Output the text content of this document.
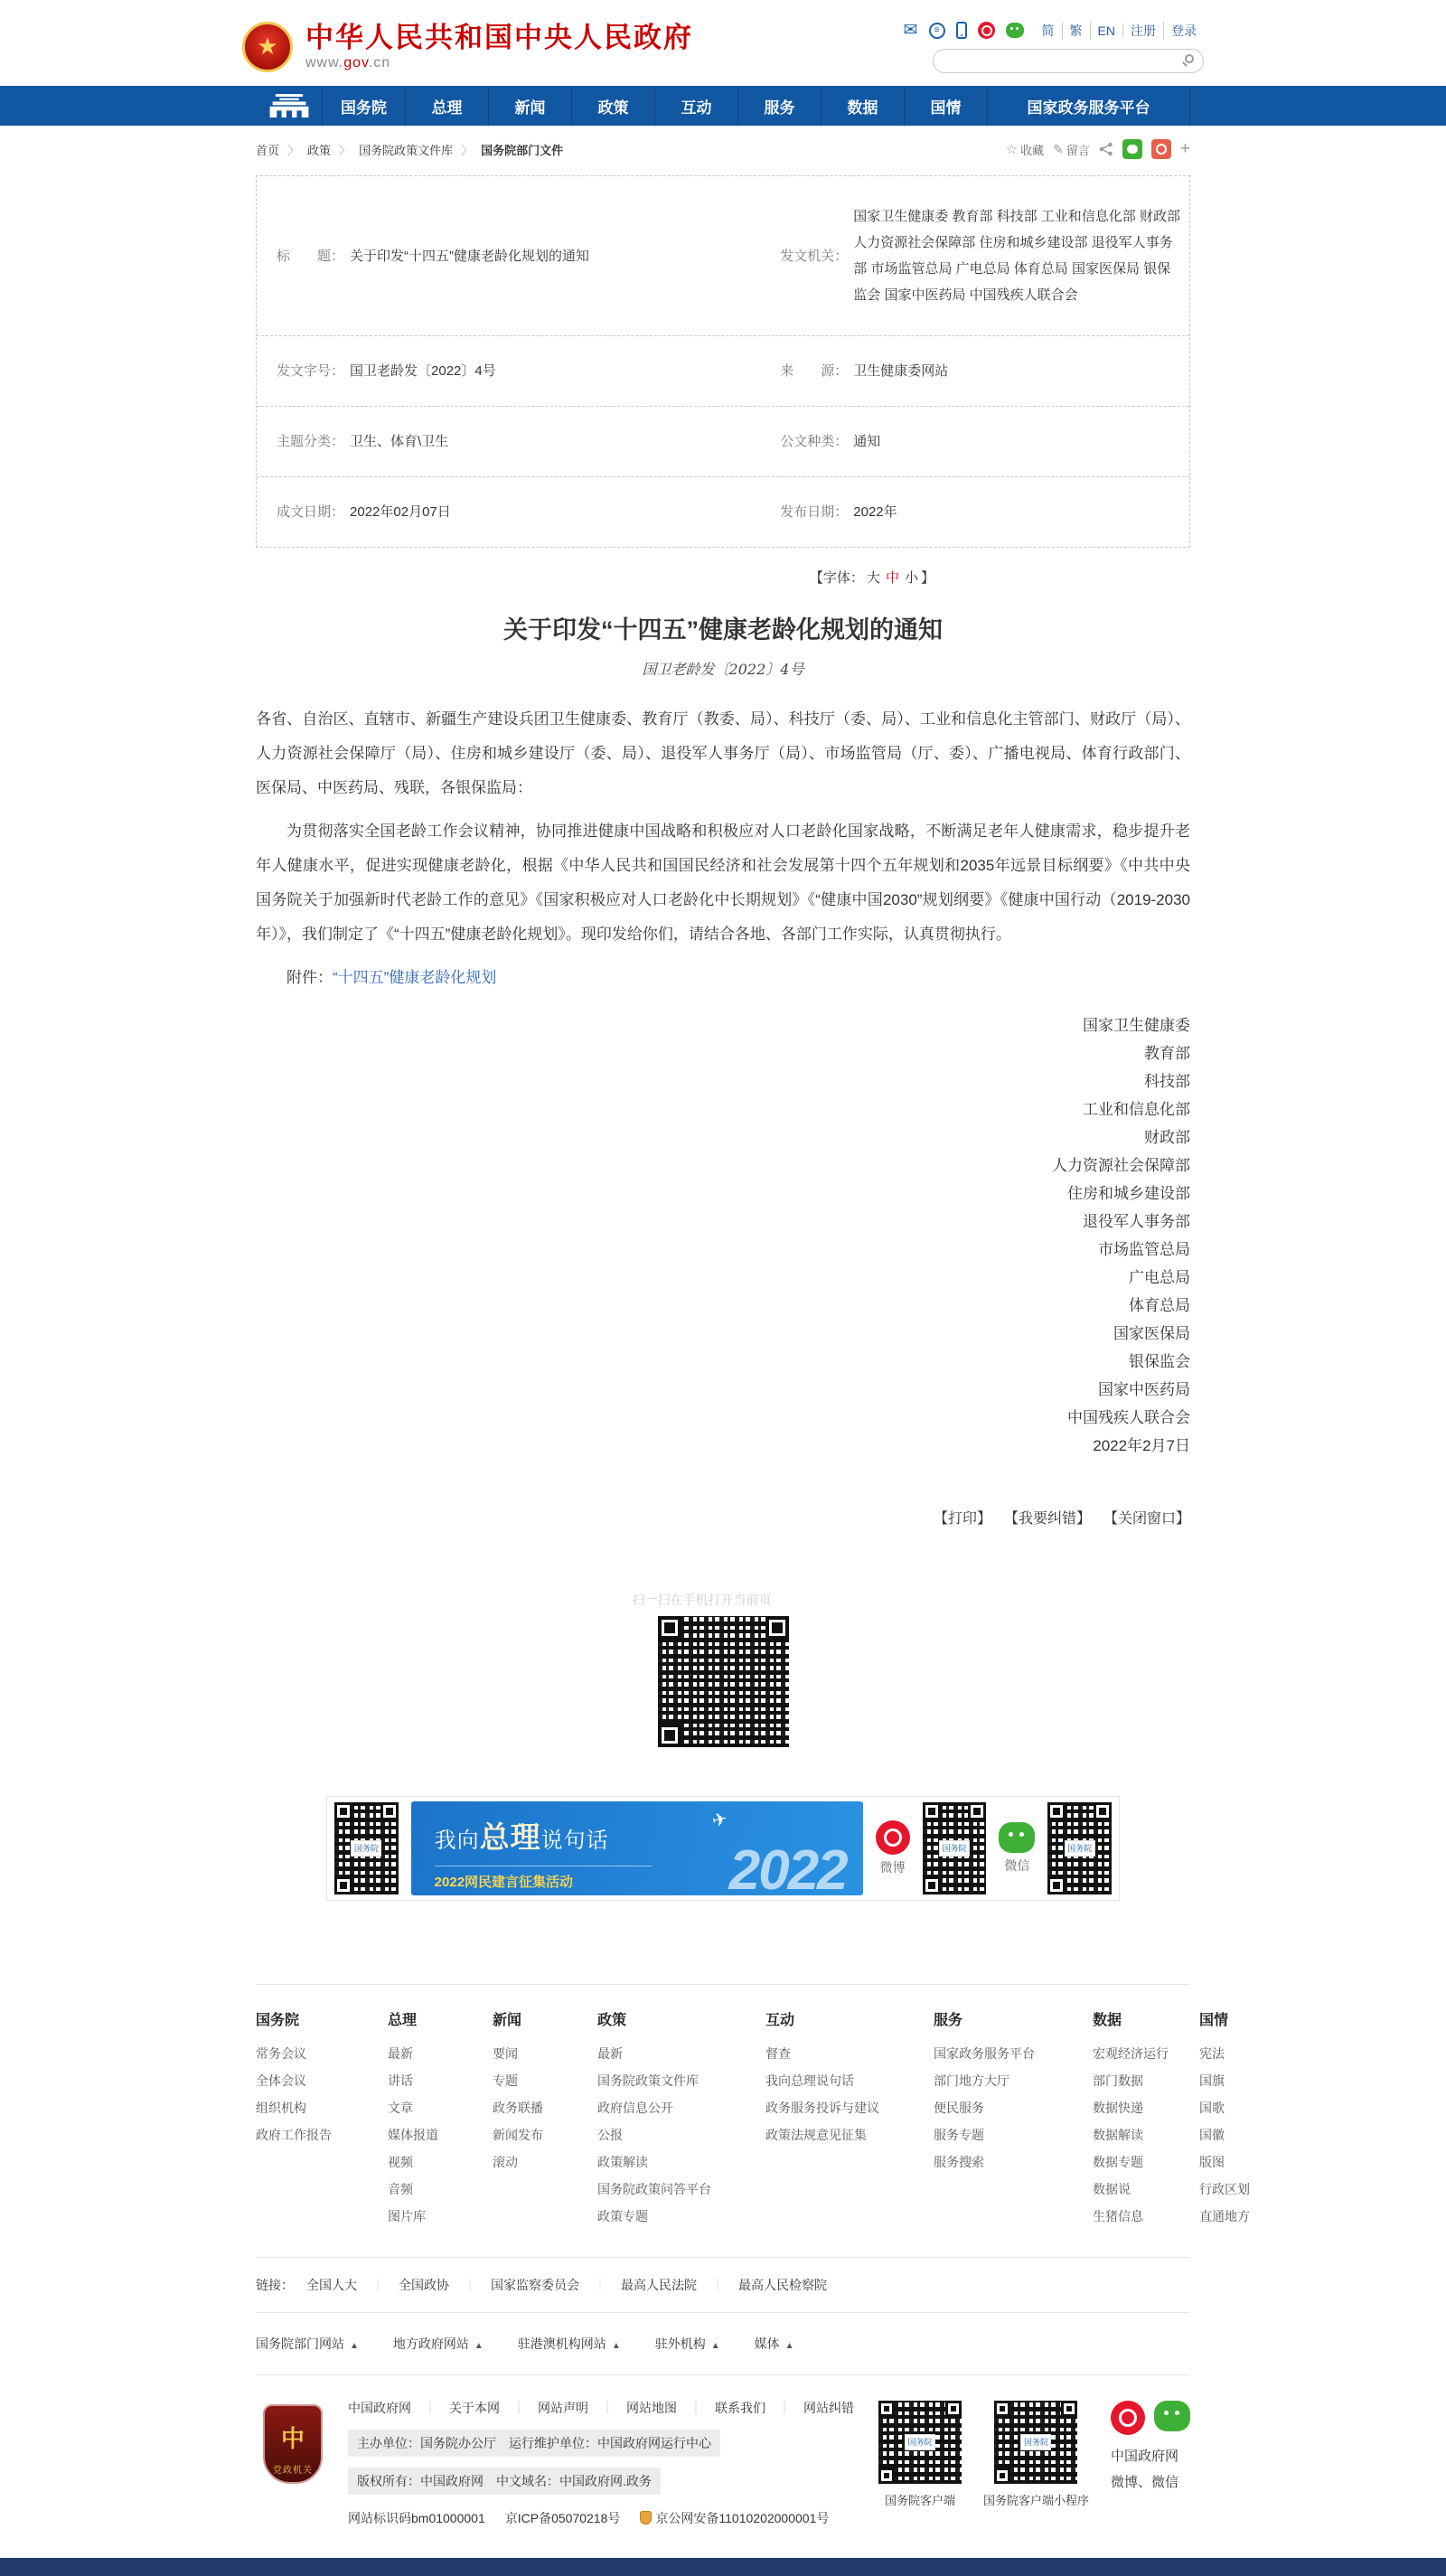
★ 中华人民共和国中央人民政府
www.gov.cn
✉	≡	简	繁	EN	注册	登录
国务院	总理	新闻	政策	互动	服务	数据	国情	国家政务服务平台
首页 〉	政策 〉	国务院政策文件库 〉	国务院部门文件	☆ 收藏 ✎ 留言	+
标　　题： 关于印发“十四五”健康老龄化规划的通知	发文机关：
国家卫生健康委 教育部 科技部 工业和信息化部 财政部 人力资源社会保障部 住房和城乡建设部 退役军人事务部 市场监管总局 广电总局 体育总局 国家医保局 银保监会 国家中医药局 中国残疾人联合会
发文字号： 国卫老龄发〔2022〕4号	来　　源： 卫生健康委网站
主题分类： 卫生、体育\卫生	公文种类： 通知
成文日期： 2022年02月07日	发布日期： 2022年
【字体： 大 中 小 】
关于印发“十四五”健康老龄化规划的通知
国卫老龄发〔2022〕4号

各省、自治区、直辖市、新疆生产建设兵团卫生健康委、教育厅（教委、局）、科技厅（委、局）、工业和信息化主管部门、财政厅（局）、人力资源社会保障厅（局）、住房和城乡建设厅（委、局）、退役军人事务厅（局）、市场监管局（厅、委）、广播电视局、体育行政部门、医保局、中医药局、残联，各银保监局：

为贯彻落实全国老龄工作会议精神，协同推进健康中国战略和积极应对人口老龄化国家战略，不断满足老年人健康需求，稳步提升老年人健康水平，促进实现健康老龄化，根据《中华人民共和国国民经济和社会发展第十四个五年规划和2035年远景目标纲要》《中共中央 国务院关于加强新时代老龄工作的意见》《国家积极应对人口老龄化中长期规划》《“健康中国2030”规划纲要》《健康中国行动（2019-2030年）》，我们制定了《“十四五”健康老龄化规划》。现印发给你们，请结合各地、各部门工作实际，认真贯彻执行。

附件：“十四五”健康老龄化规划
国家卫生健康委
教育部
科技部
工业和信息化部
财政部
人力资源社会保障部
住房和城乡建设部
退役军人事务部
市场监管总局
广电总局
体育总局
国家医保局
银保监会
国家中医药局
中国残疾人联合会
2022年2月7日
【打印】 【我要纠错】 【关闭窗口】
扫一扫在手机打开当前页
国务院	我向总理说句话
2022网民建言征集活动	2022
✈
微博
国务院
微信
国务院
国务院
常务会议
全体会议
组织机构
政府工作报告
总理
最新
讲话
文章
媒体报道
视频
音频
图片库
新闻
要闻
专题
政务联播
新闻发布
滚动
政策
最新
国务院政策文件库
政府信息公开
公报
政策解读
国务院政策问答平台
政策专题
互动
督查
我向总理说句话
政务服务投诉与建议
政策法规意见征集
服务
国家政务服务平台
部门地方大厅
便民服务
服务专题
服务搜索
数据
宏观经济运行
部门数据
数据快递
数据解读
数据专题
数据说
生猪信息
国情
宪法
国旗
国歌
国徽
版图
行政区划
直通地方
链接： 全国人大 ｜	全国政协 ｜	国家监察委员会 ｜	最高人民法院 ｜	最高人民检察院
国务院部门网站 ▲	地方政府网站 ▲	驻港澳机构网站 ▲	驻外机构 ▲	媒体 ▲
中 党政机关
中国政府网 ｜	关于本网 ｜	网站声明 ｜	网站地图 ｜	联系我们 ｜	网站纠错
主办单位：国务院办公厅　运行维护单位：中国政府网运行中心
版权所有：中国政府网　中文域名：中国政府网.政务
网站标识码bm01000001 京ICP备05070218号	京公网安备11010202000001号
国务院
国务院客户端
国务院
国务院客户端小程序
中国政府网
微博、微信
